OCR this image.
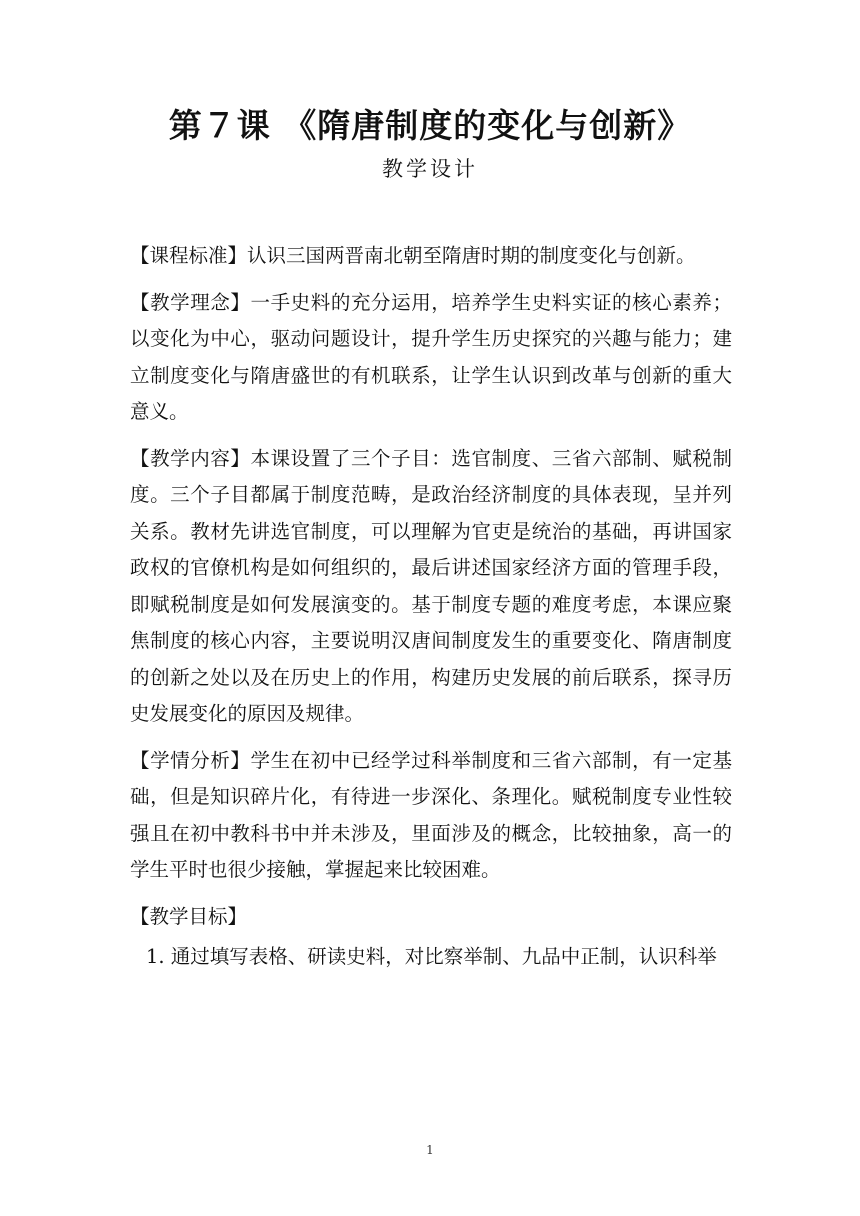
第７课 《隋唐制度的变化与创新》
教学设计

【课程标准】认识三国两晋南北朝至隋唐时期的制度变化与创新。

【教学理念】一手史料的充分运用，培养学生史料实证的核心素养；以变化为中心，驱动问题设计，提升学生历史探究的兴趣与能力；建立制度变化与隋唐盛世的有机联系，让学生认识到改革与创新的重大意义。

【教学内容】本课设置了三个子目：选官制度、三省六部制、赋税制度。三个子目都属于制度范畴，是政治经济制度的具体表现，呈并列关系。教材先讲选官制度，可以理解为官吏是统治的基础，再讲国家政权的官僚机构是如何组织的，最后讲述国家经济方面的管理手段，即赋税制度是如何发展演变的。基于制度专题的难度考虑，本课应聚焦制度的核心内容，主要说明汉唐间制度发生的重要变化、隋唐制度的创新之处以及在历史上的作用，构建历史发展的前后联系，探寻历史发展变化的原因及规律。

【学情分析】学生在初中已经学过科举制度和三省六部制，有一定基础，但是知识碎片化，有待进一步深化、条理化。赋税制度专业性较强且在初中教科书中并未涉及，里面涉及的概念，比较抽象，高一的学生平时也很少接触，掌握起来比较困难。

【教学目标】

1. 通过填写表格、研读史料，对比察举制、九品中正制，认识科举

1
